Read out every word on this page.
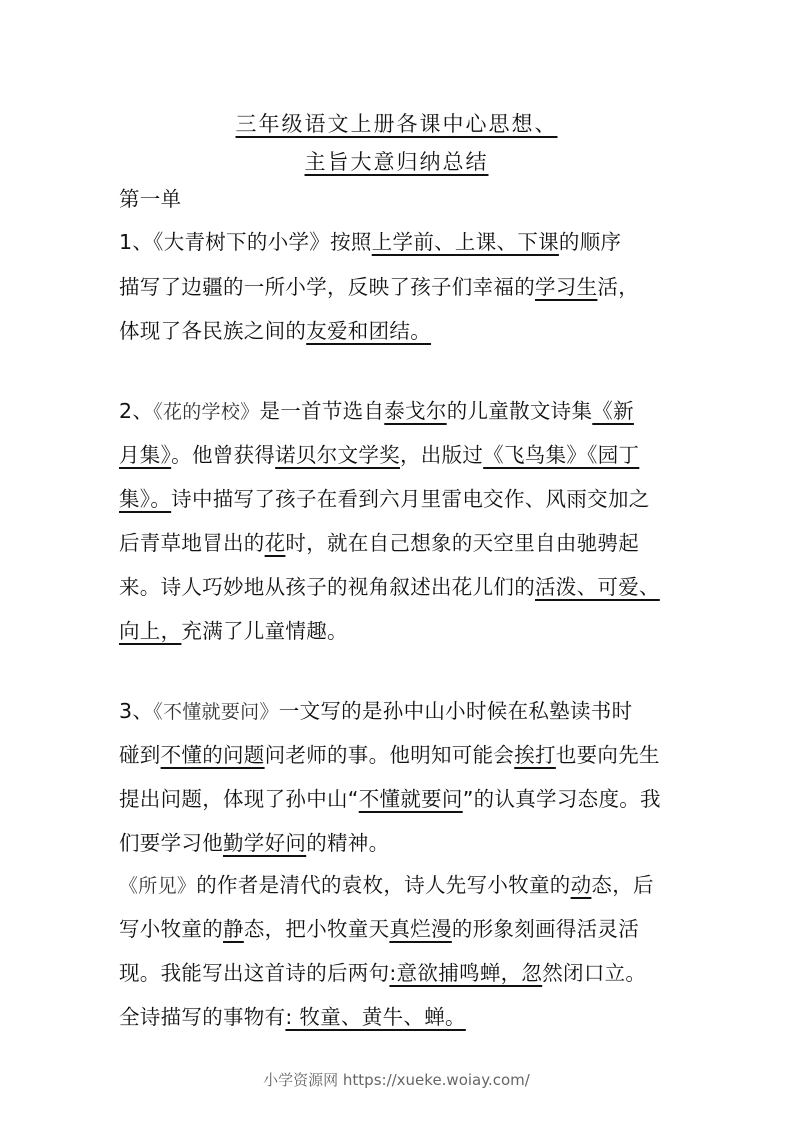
三年级语文上册各课中心思想、
主旨大意归纳总结
第一单
1、《大青树下的小学》按照上学前、上课、下课的顺序
描写了边疆的一所小学，反映了孩子们幸福的学习生活，
体现了各民族之间的友爱和团结。
2、《花的学校》是一首节选自泰戈尔的儿童散文诗集《新
月集》。他曾获得诺贝尔文学奖，出版过《飞鸟集》《园丁
集》。诗中描写了孩子在看到六月里雷电交作、风雨交加之
后青草地冒出的花时，就在自己想象的天空里自由驰骋起
来。诗人巧妙地从孩子的视角叙述出花儿们的活泼、可爱、
向上，充满了儿童情趣。
3、《不懂就要问》一文写的是孙中山小时候在私塾读书时
碰到不懂的问题问老师的事。他明知可能会挨打也要向先生
提出问题，体现了孙中山“不懂就要问”的认真学习态度。我
们要学习他勤学好问的精神。
《所见》的作者是清代的袁枚，诗人先写小牧童的动态，后
写小牧童的静态，把小牧童天真烂漫的形象刻画得活灵活
现。我能写出这首诗的后两句:意欲捕鸣蝉，忽然闭口立。
全诗描写的事物有: 牧童、黄牛、蝉。
小学资源网 https://xueke.woiay.com/
